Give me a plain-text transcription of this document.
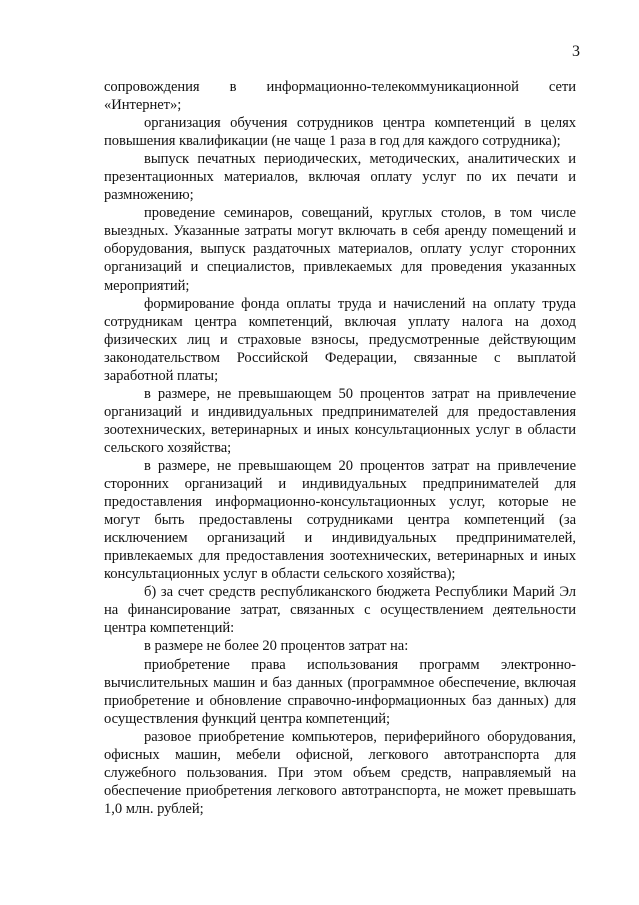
3

сопровождения в информационно-телекоммуникационной сети «Интернет»;

организация обучения сотрудников центра компетенций в целях повышения квалификации (не чаще 1 раза в год для каждого сотрудника);

выпуск печатных периодических, методических, аналитических и презентационных материалов, включая оплату услуг по их печати и размножению;

проведение семинаров, совещаний, круглых столов, в том числе выездных. Указанные затраты могут включать в себя аренду помещений и оборудования, выпуск раздаточных материалов, оплату услуг сторонних организаций и специалистов, привлекаемых для проведения указанных мероприятий;

формирование фонда оплаты труда и начислений на оплату труда сотрудникам центра компетенций, включая уплату налога на доход физических лиц и страховые взносы, предусмотренные действующим законодательством Российской Федерации, связанные с выплатой заработной платы;

в размере, не превышающем 50 процентов затрат на привлечение организаций и индивидуальных предпринимателей для предоставления зоотехнических, ветеринарных и иных консультационных услуг в области сельского хозяйства;

в размере, не превышающем 20 процентов затрат на привлечение сторонних организаций и индивидуальных предпринимателей для предоставления информационно-консультационных услуг, которые не могут быть предоставлены сотрудниками центра компетенций (за исключением организаций и индивидуальных предпринимателей, привлекаемых для предоставления зоотехнических, ветеринарных и иных консультационных услуг в области сельского хозяйства);

б) за счет средств республиканского бюджета Республики Марий Эл на финансирование затрат, связанных с осуществлением деятельности центра компетенций:

в размере не более 20 процентов затрат на:

приобретение права использования программ электронно-вычислительных машин и баз данных (программное обеспечение, включая приобретение и обновление справочно-информационных баз данных) для осуществления функций центра компетенций;

разовое приобретение компьютеров, периферийного оборудования, офисных машин, мебели офисной, легкового автотранспорта для служебного пользования. При этом объем средств, направляемый на обеспечение приобретения легкового автотранспорта, не может превышать 1,0 млн. рублей;
